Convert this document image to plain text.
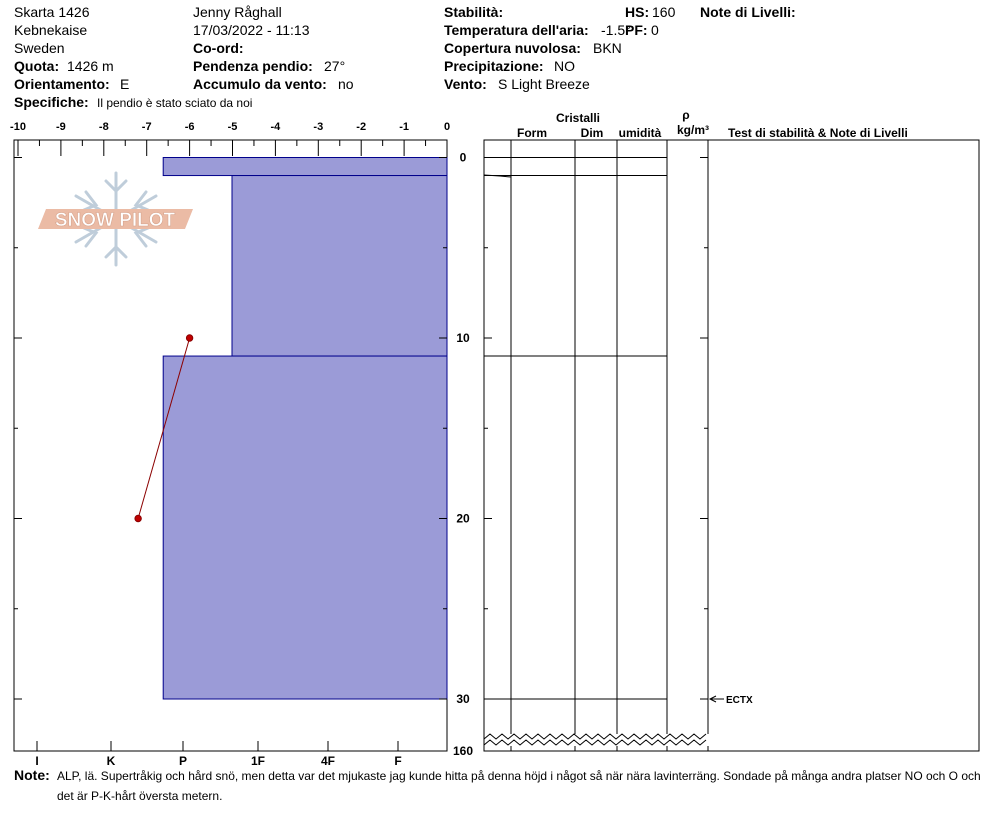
Skarta 1426
Kebnekaise
Sweden
Quota: 1426 m
Orientamento: E
Specifiche: Il pendio è stato sciato da noi
Jenny Råghall
17/03/2022 - 11:13
Co-ord:
Pendenza pendio: 27°
Accumulo da vento: no
Stabilità:
Temperatura dell'aria: -1.5°
Copertura nuvolosa: BKN
Precipitazione: NO
Vento: S Light Breeze
HS: 160
PF: 0
Note di Livelli:
Note: ALP, lä. Supertråkig och hård snö, men detta var det mjukaste jag kunde hitta på denna höjd i något så när nära lavinterräng. Sondade på många andra platser NO och O och det är P-K-hårt översta metern.
SNOW PILOT
-10	-9	-8	-7	-6	-5	-4	-3	-2	-1	0
I	K	P	1F	4F	F
0
10
20
30
160
ECTX
Cristalli
Form	Dim umidità
ρ
kg/m³ Test di stabilità & Note di Livelli
